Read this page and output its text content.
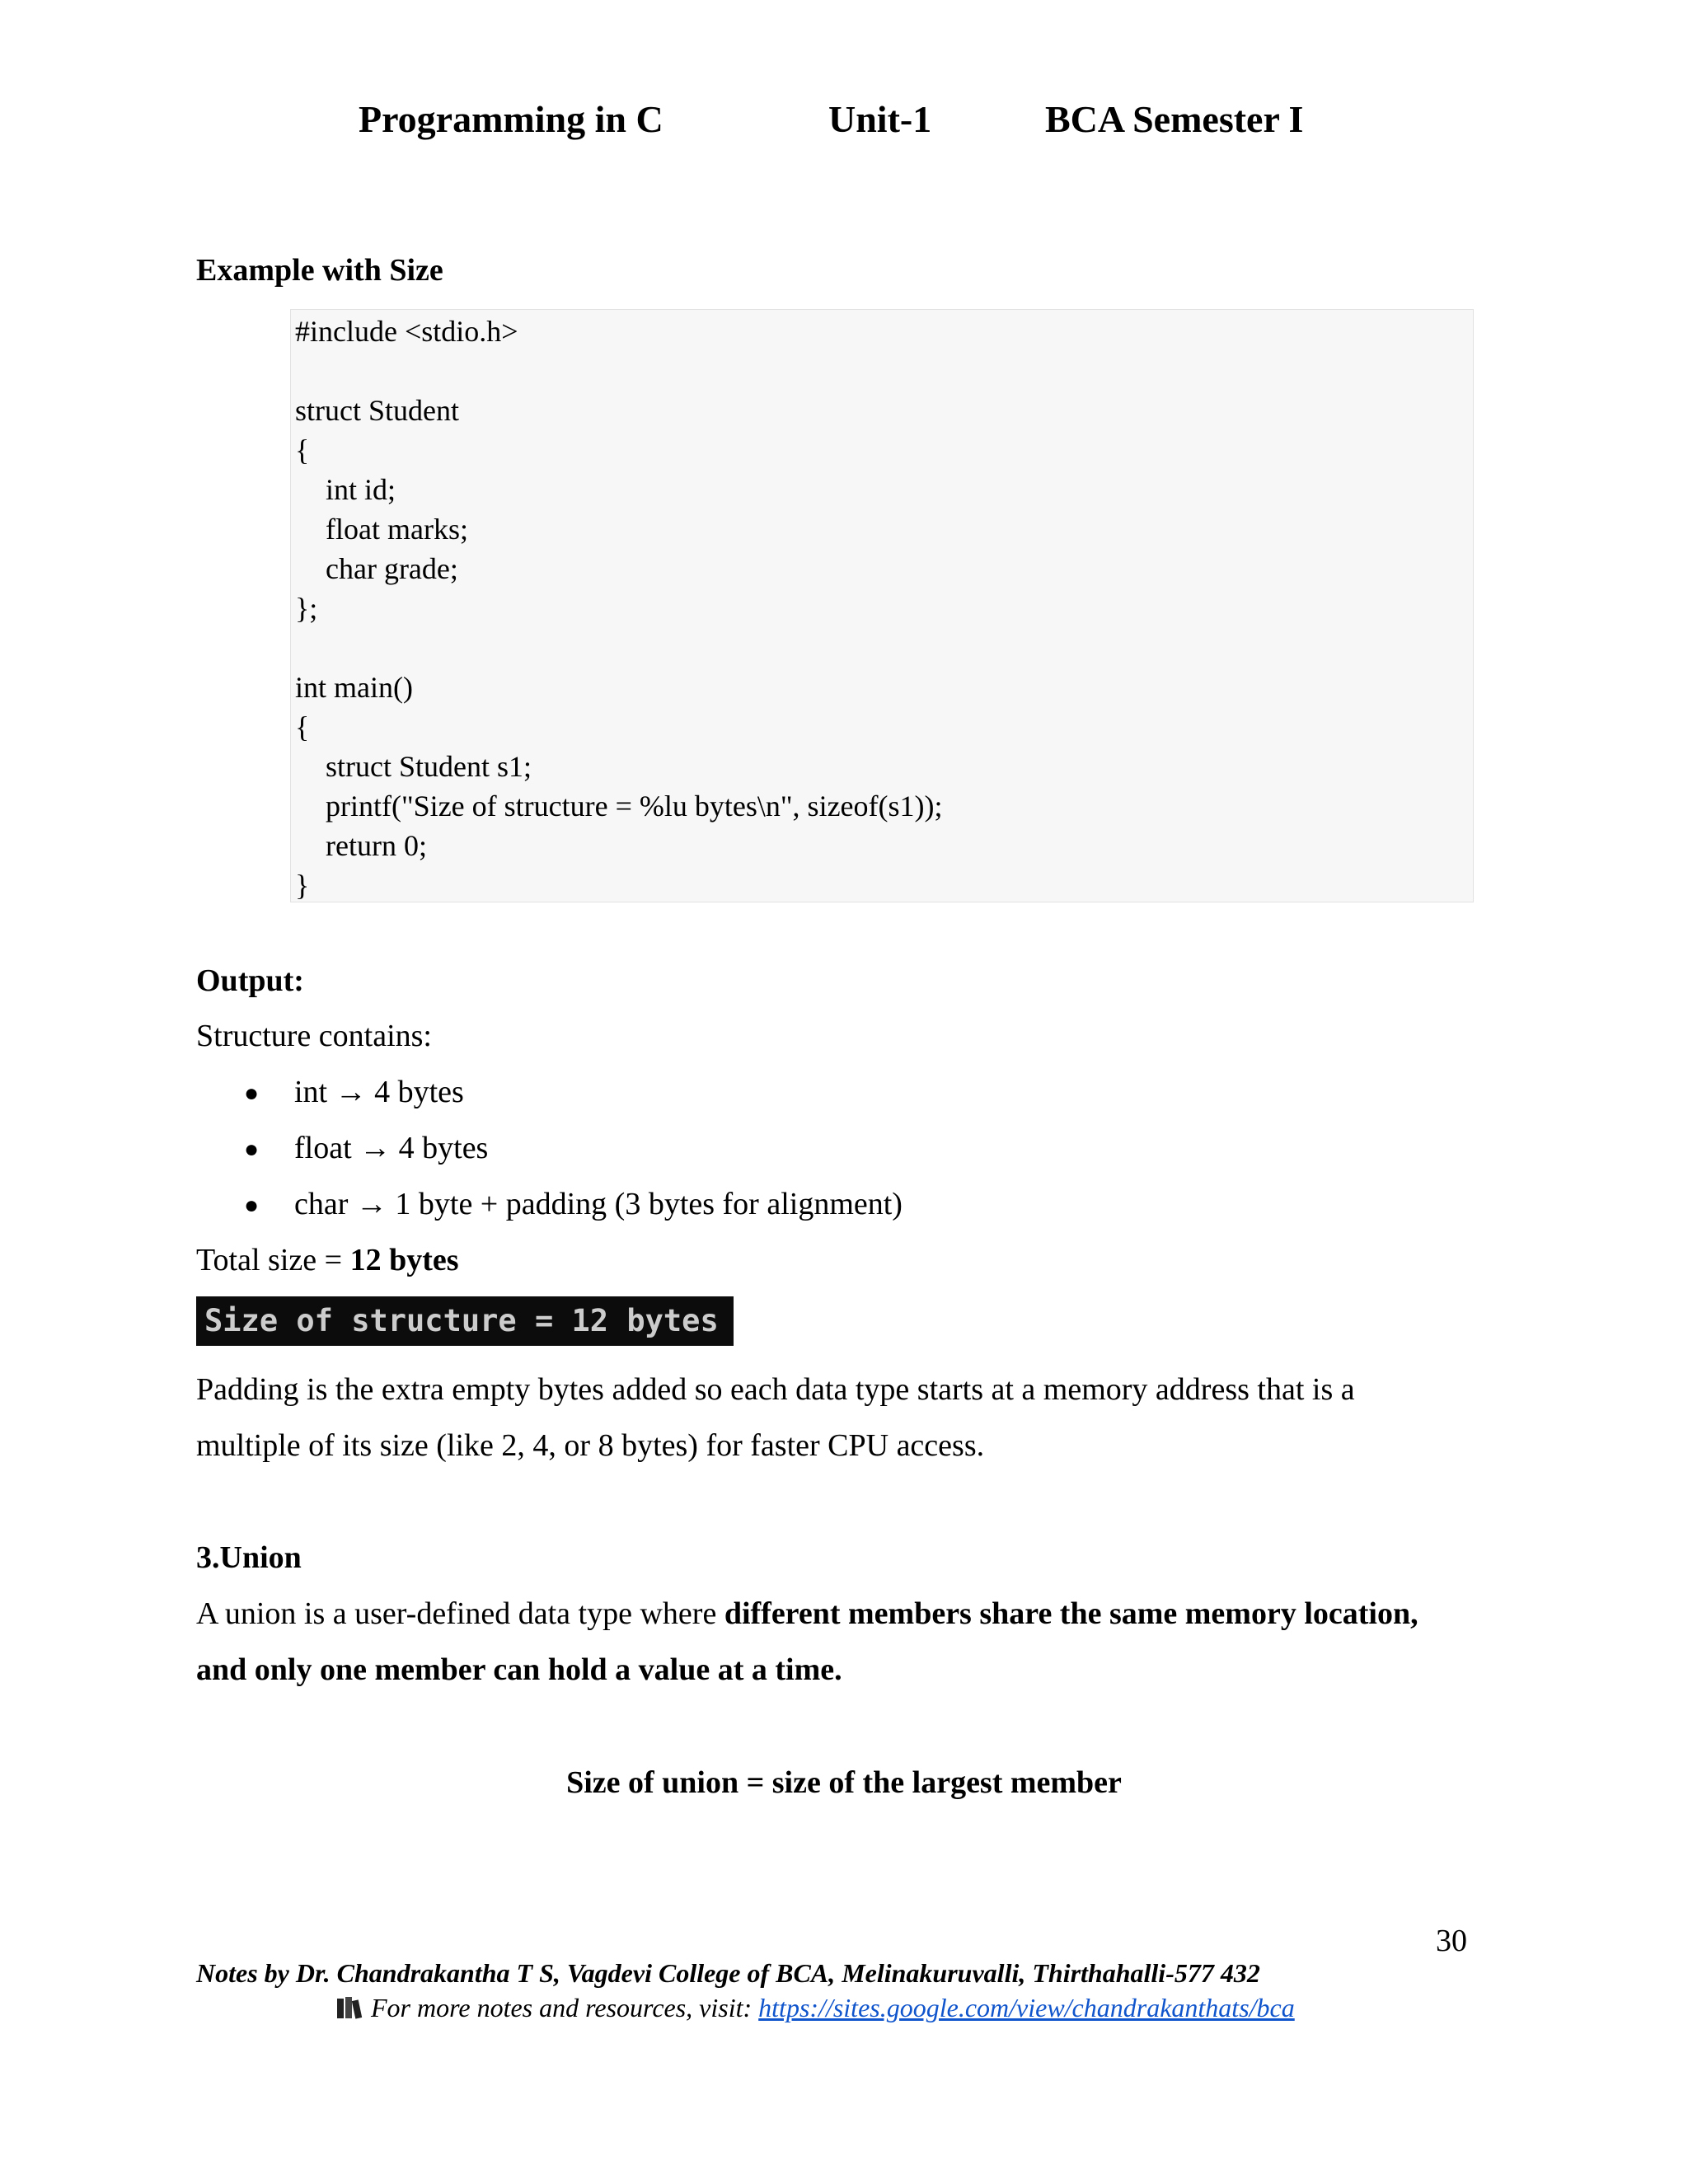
Programming in C	Unit-1	BCA Semester I
Example with Size
#include <stdio.h>
struct Student
{
int id;
float marks;
char grade;
};
int main()
{
struct Student s1;
printf("Size of structure = %lu bytes\n", sizeof(s1));
return 0;
}
Output:
Structure contains:
● int → 4 bytes
● float → 4 bytes
● char → 1 byte + padding (3 bytes for alignment)
Total size = 12 bytes
Size of structure = 12 bytes
Padding is the extra empty bytes added so each data type starts at a memory address that is a
multiple of its size (like 2, 4, or 8 bytes) for faster CPU access.
3.Union
A union is a user-defined data type where different members share the same memory location,
and only one member can hold a value at a time.
Size of union = size of the largest member
30
Notes by Dr. Chandrakantha T S, Vagdevi College of BCA, Melinakuruvalli, Thirthahalli-577 432
For more notes and resources, visit: https://sites.google.com/view/chandrakanthats/bca
